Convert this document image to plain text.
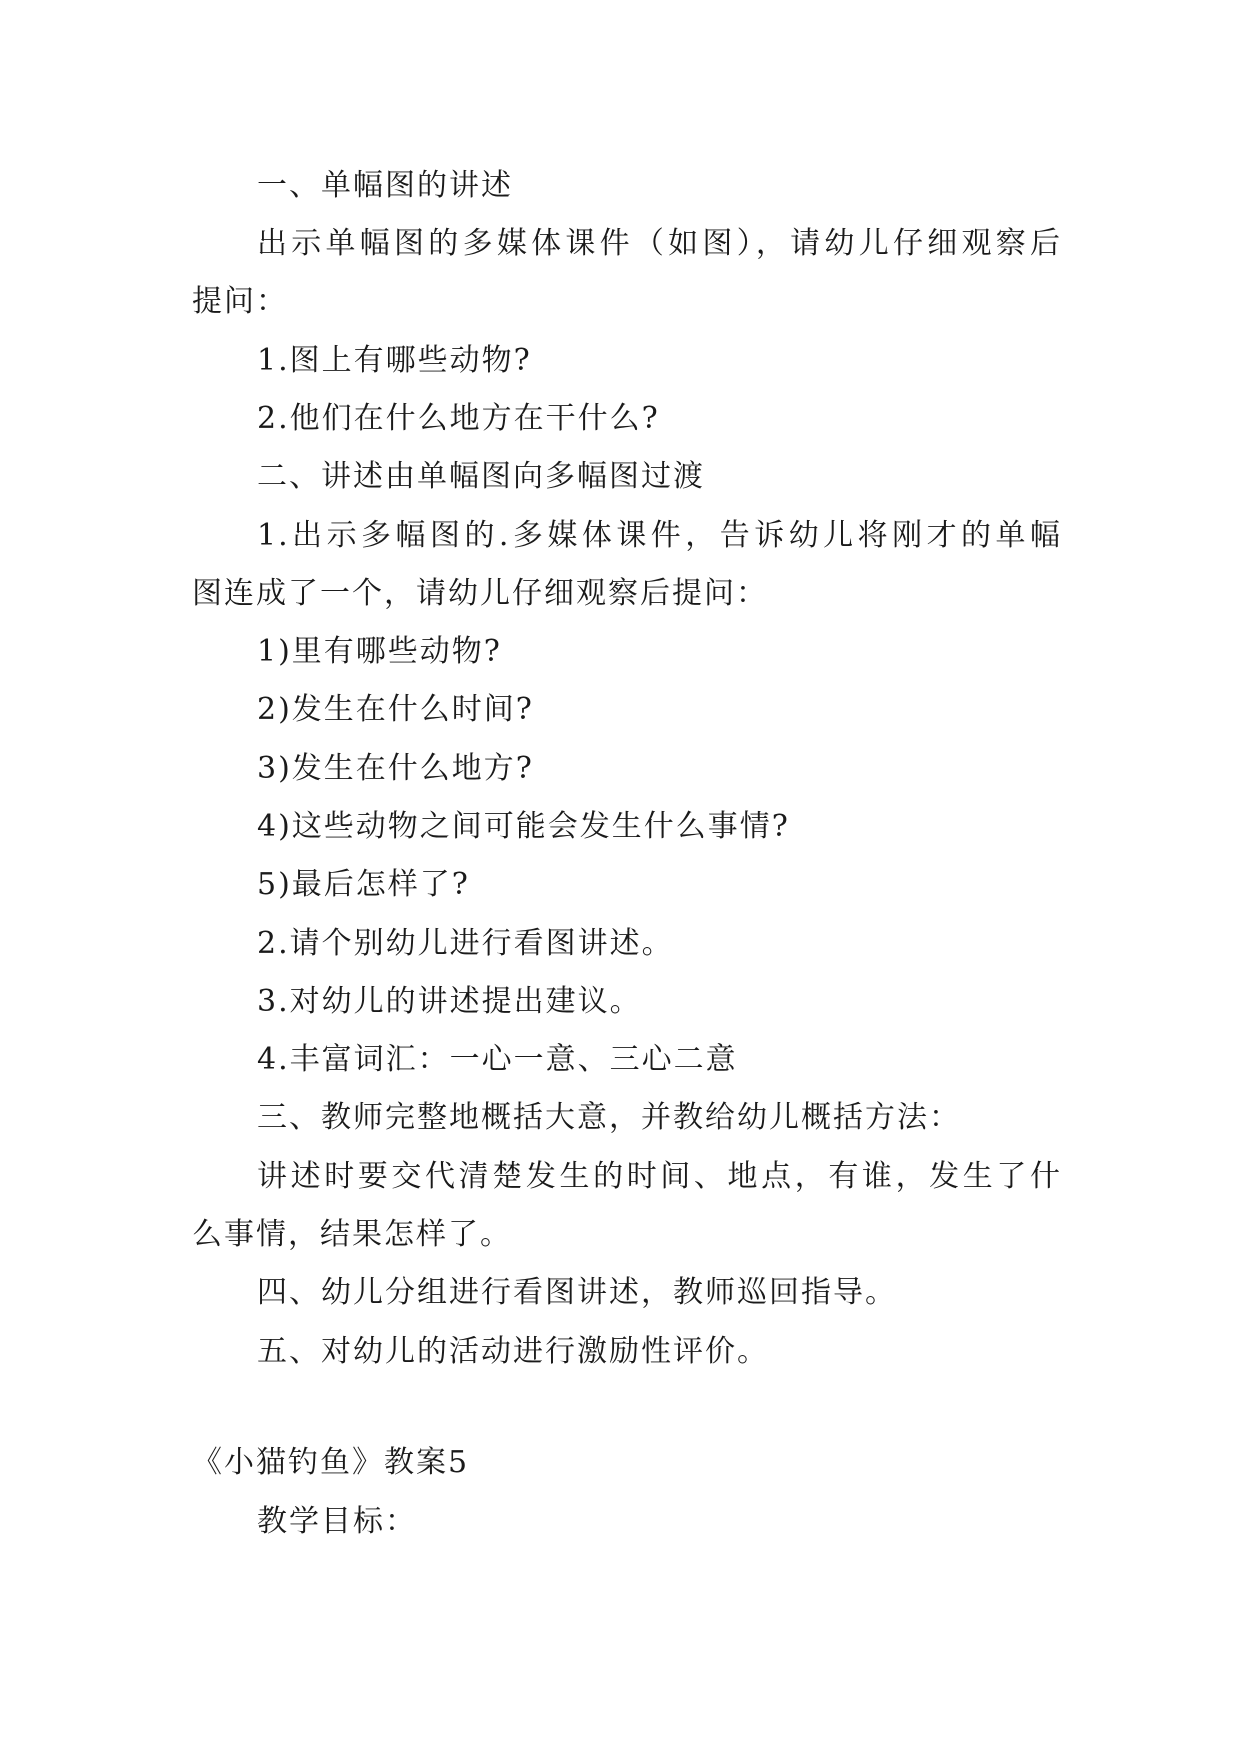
一、单幅图的讲述
出示单幅图的多媒体课件（如图），请幼儿仔细观察后
提问：
1.图上有哪些动物?
2.他们在什么地方在干什么?
二、讲述由单幅图向多幅图过渡
1.出示多幅图的.多媒体课件，告诉幼儿将刚才的单幅
图连成了一个，请幼儿仔细观察后提问：
1)里有哪些动物?
2)发生在什么时间?
3)发生在什么地方?
4)这些动物之间可能会发生什么事情?
5)最后怎样了?
2.请个别幼儿进行看图讲述。
3.对幼儿的讲述提出建议。
4.丰富词汇：一心一意、三心二意
三、教师完整地概括大意，并教给幼儿概括方法：
讲述时要交代清楚发生的时间、地点，有谁，发生了什
么事情，结果怎样了。
四、幼儿分组进行看图讲述，教师巡回指导。
五、对幼儿的活动进行激励性评价。
《小猫钓鱼》教案5
教学目标：
